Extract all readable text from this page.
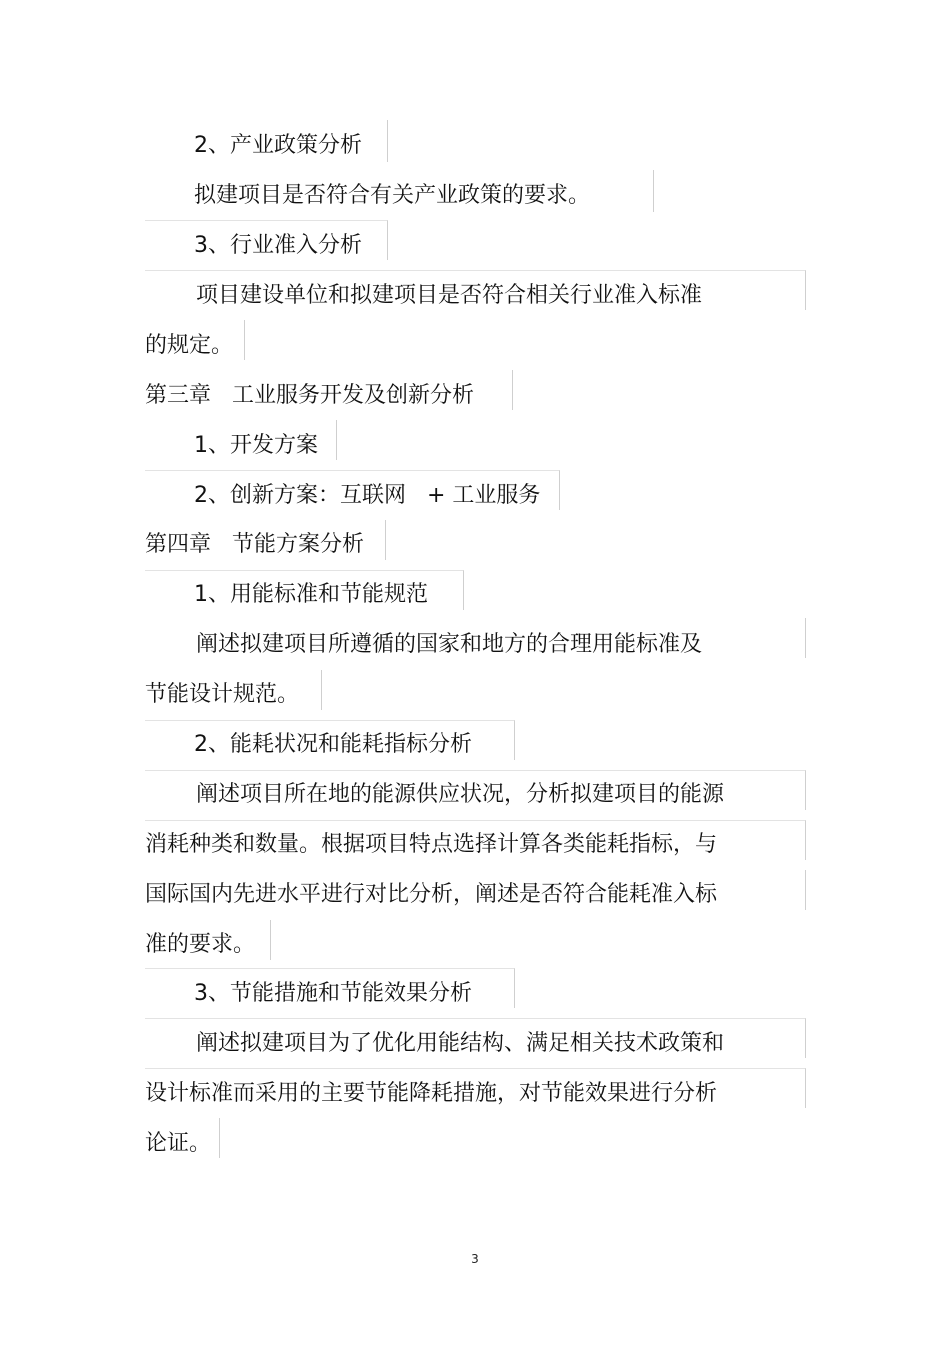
2、产业政策分析
拟建项目是否符合有关产业政策的要求。
3、行业准入分析
项目建设单位和拟建项目是否符合相关行业准入标准
的规定。
第三章   工业服务开发及创新分析
1、开发方案
2、创新方案：互联网   + 工业服务
第四章   节能方案分析
1、用能标准和节能规范
阐述拟建项目所遵循的国家和地方的合理用能标准及
节能设计规范。
2、能耗状况和能耗指标分析
阐述项目所在地的能源供应状况，分析拟建项目的能源
消耗种类和数量。根据项目特点选择计算各类能耗指标，与
国际国内先进水平进行对比分析，阐述是否符合能耗准入标
准的要求。
3、节能措施和节能效果分析
阐述拟建项目为了优化用能结构、满足相关技术政策和
设计标准而采用的主要节能降耗措施，对节能效果进行分析
论证。
3
